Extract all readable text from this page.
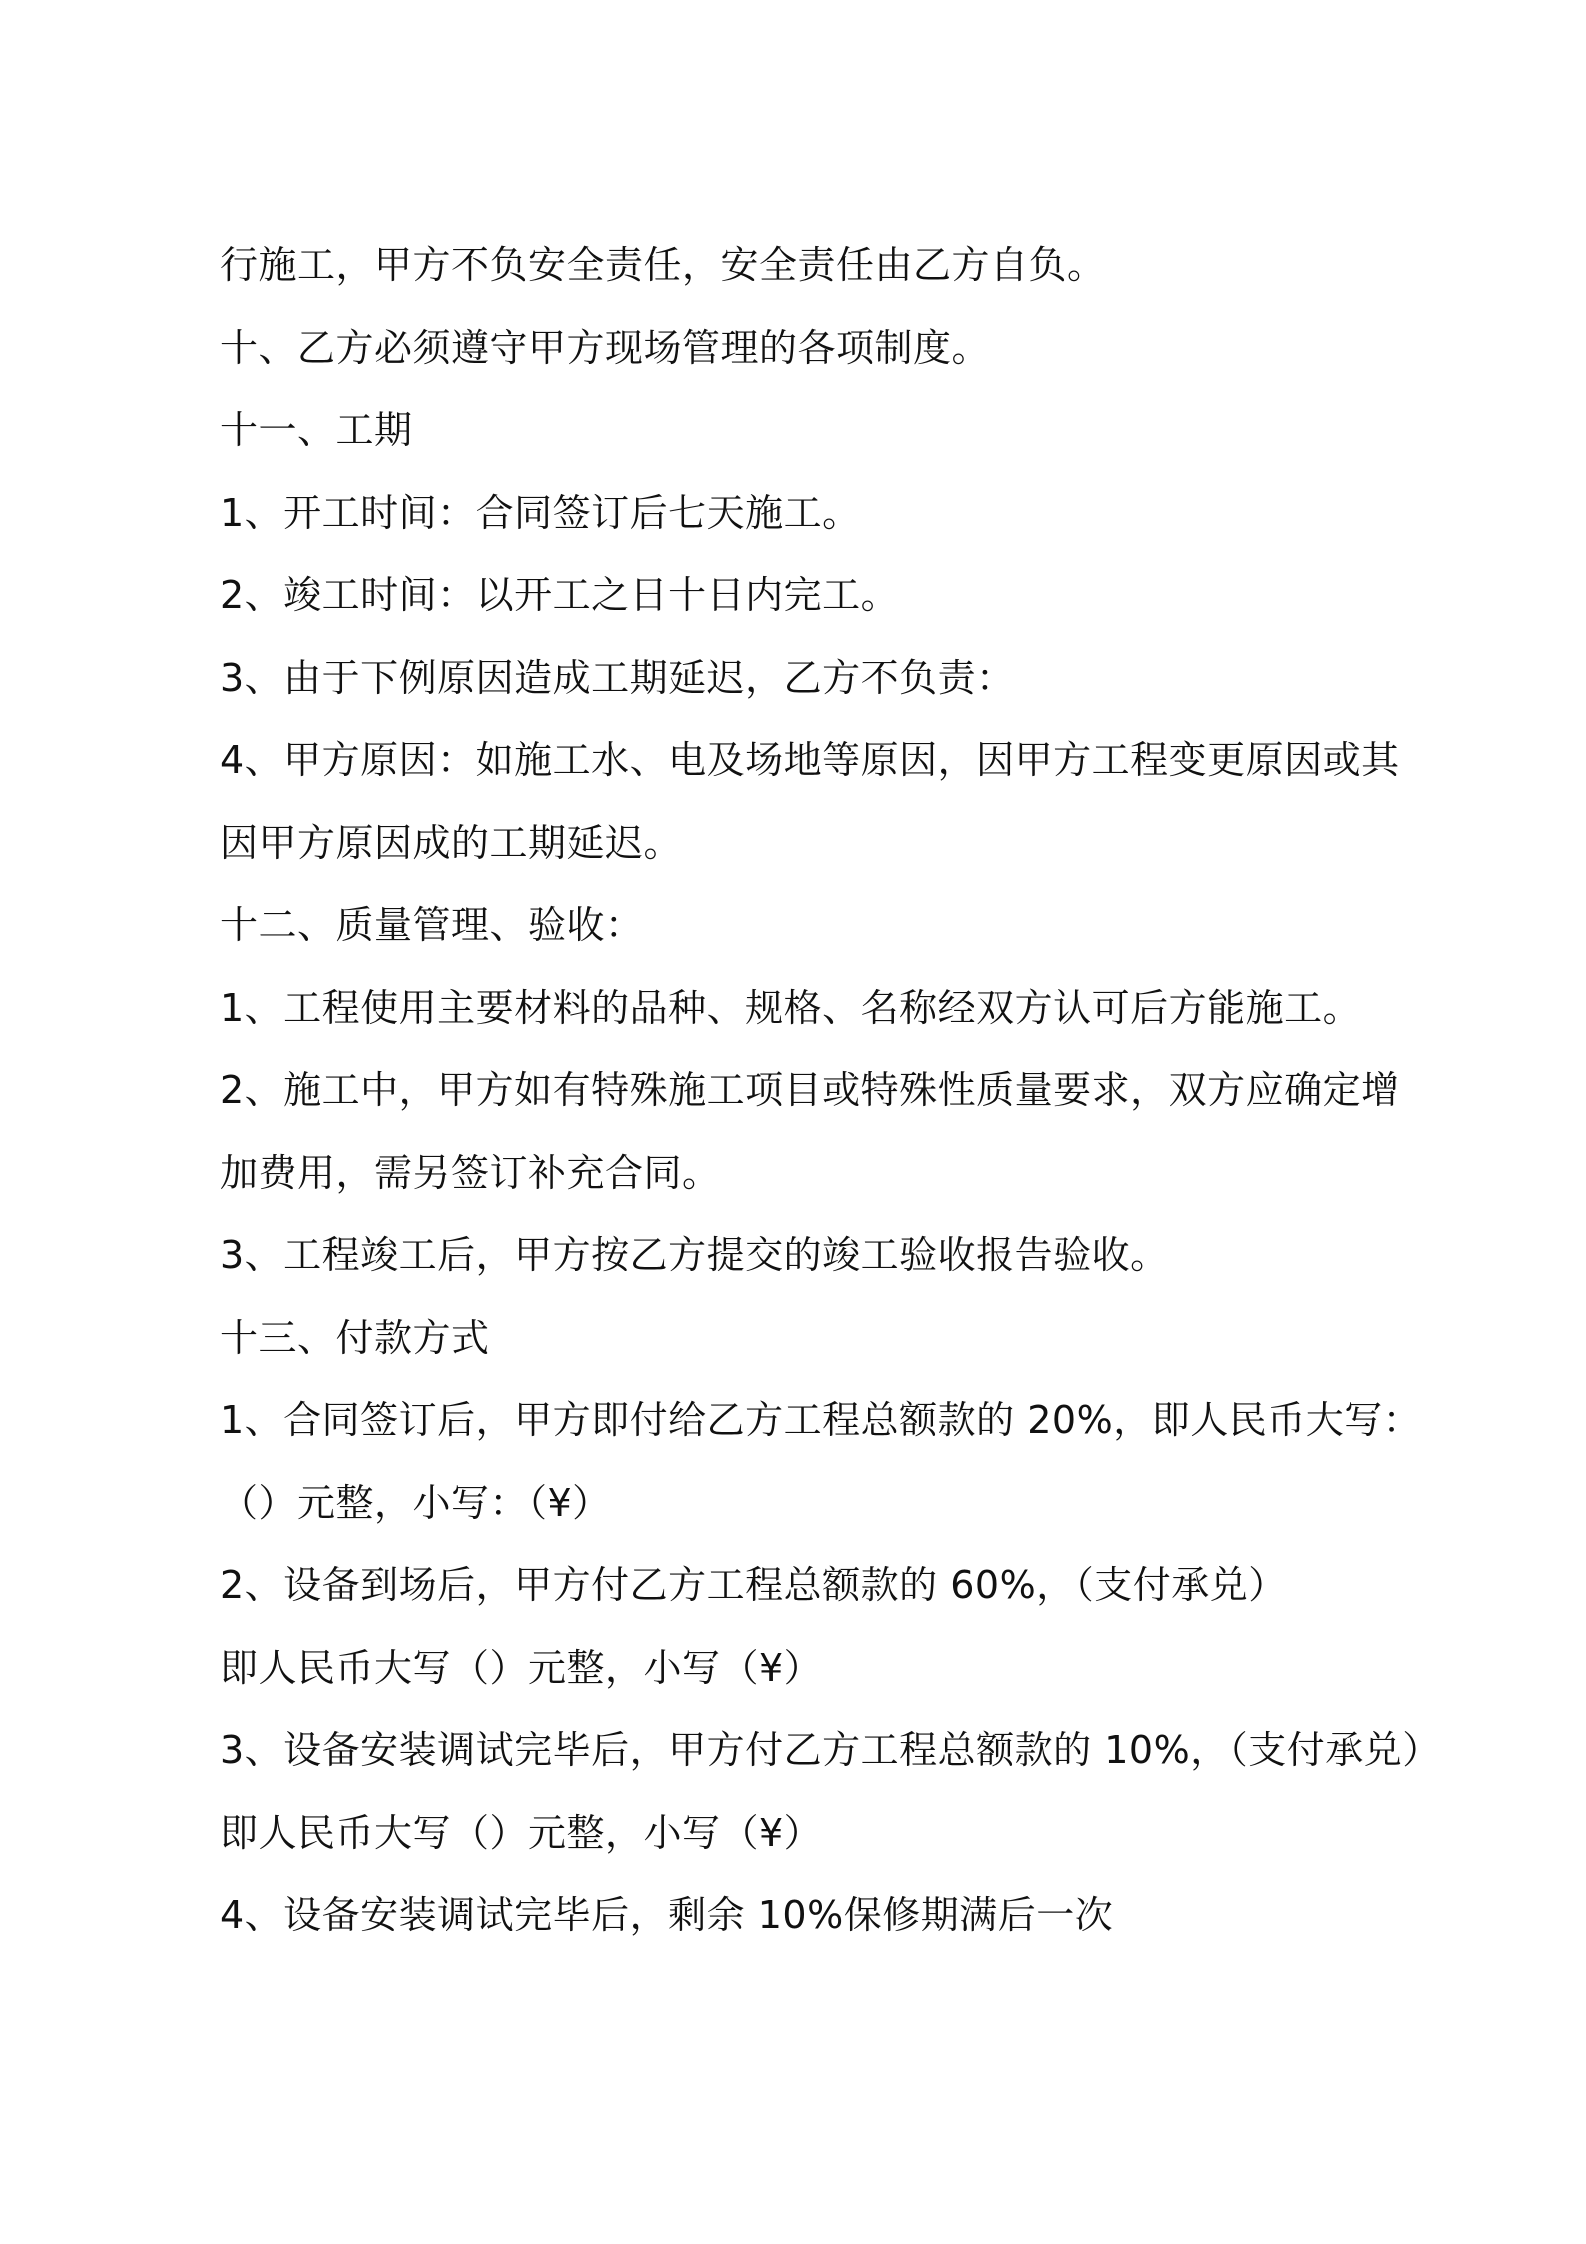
行施工，甲方不负安全责任，安全责任由乙方自负。
十、乙方必须遵守甲方现场管理的各项制度。
十一、工期
1、开工时间：合同签订后七天施工。
2、竣工时间：以开工之日十日内完工。
3、由于下例原因造成工期延迟，乙方不负责：
4、甲方原因：如施工水、电及场地等原因，因甲方工程变更原因或其
因甲方原因成的工期延迟。
十二、质量管理、验收：
1、工程使用主要材料的品种、规格、名称经双方认可后方能施工。
2、施工中，甲方如有特殊施工项目或特殊性质量要求，双方应确定增
加费用，需另签订补充合同。
3、工程竣工后，甲方按乙方提交的竣工验收报告验收。
十三、付款方式
1、合同签订后，甲方即付给乙方工程总额款的 20%，即人民币大写：
（）元整，小写：（¥）
2、设备到场后，甲方付乙方工程总额款的 60%，（支付承兑）
即人民币大写（）元整，小写（¥）
3、设备安装调试完毕后，甲方付乙方工程总额款的 10%，（支付承兑）
即人民币大写（）元整，小写（¥）
4、设备安装调试完毕后，剩余 10%保修期满后一次
